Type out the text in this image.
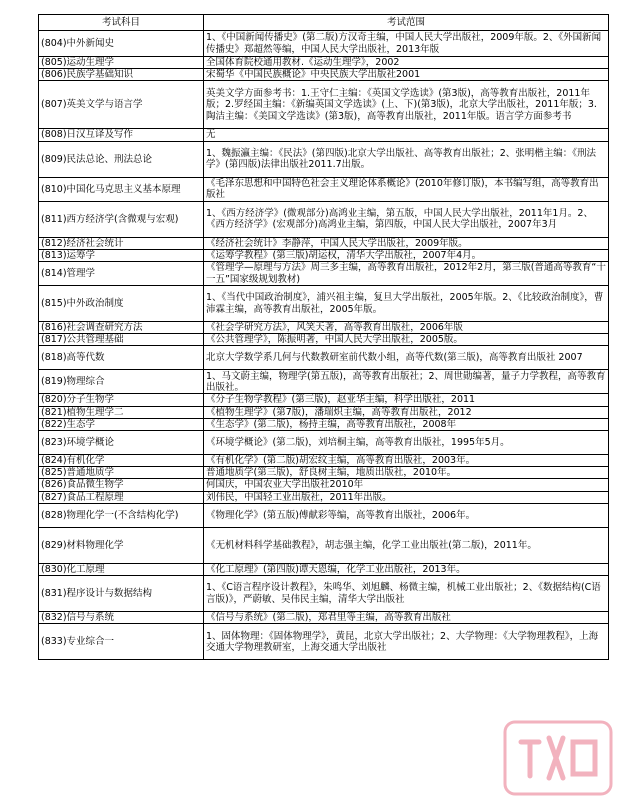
考试科目	考试范围
(804)中外新闻史	1、《中国新闻传播史》(第二版)方汉奇主编，中国人民大学出版社，2009年版。2、《外国新闻传播史》郑超然等编，中国人民大学出版社，2013年版
(805)运动生理学	全国体育院校通用教材.《运动生理学》，2002
(806)民族学基础知识	宋蜀华《中国民族概论》中央民族大学出版社2001
(807)英美文学与语言学	英美文学方面参考书：1.王守仁主编：《英国文学选读》(第3版)，高等教育出版社，2011年版；2.罗经国主编：《新编英国文学选读》(上、下)(第3版)，北京大学出版社，2011年版；3.陶洁主编：《美国文学选读》(第3版)，高等教育出版社，2011年版。语言学方面参考书
(808)日汉互译及写作	无
(809)民法总论、刑法总论	1、魏振瀛主编：《民法》(第四版)北京大学出版社、高等教育出版社；2、张明楷主编：《刑法学》(第四版)法律出版社2011.7出版。
(810)中国化马克思主义基本原理	《毛泽东思想和中国特色社会主义理论体系概论》(2010年修订版)，本书编写组，高等教育出版社
(811)西方经济学(含微观与宏观)	1、《西方经济学》(微观部分)高鸿业主编，第五版，中国人民大学出版社，2011年1月。2、《西方经济学》(宏观部分)高鸿业主编，第四版，中国人民大学出版社，2007年3月
(812)经济社会统计	《经济社会统计》李静萍，中国人民大学出版社，2009年版。
(813)运筹学	《运筹学教程》(第三版)胡运权，清华大学出版社，2007年4月。
(814)管理学	《管理学—原理与方法》周三多主编，高等教育出版社，2012年2月，第三版(普通高等教育“十一五”国家级规划教材)
(815)中外政治制度	1、《当代中国政治制度》，浦兴祖主编，复旦大学出版社，2005年版。2、《比较政治制度》，曹沛霖主编，高等教育出版社，2005年版。
(816)社会调查研究方法	《社会学研究方法》，风笑天著，高等教育出版社，2006年版
(817)公共管理基础	《公共管理学》，陈振明著，中国人民大学出版社，2005版。
(818)高等代数	北京大学数学系几何与代数教研室前代数小组，高等代数(第三版)，高等教育出版社 2007
(819)物理综合	1、马文蔚主编，物理学(第五版)，高等教育出版社；2、周世勋编著，量子力学教程，高等教育出版社。
(820)分子生物学	《分子生物学教程》(第三版)，赵亚华主编，科学出版社，2011
(821)植物生理学二	《植物生理学》(第7版)，潘瑞炽主编，高等教育出版社，2012
(822)生态学	《生态学》(第二版)，杨持主编，高等教育出版社，2008年
(823)环境学概论	《环境学概论》(第二版)，刘培桐主编，高等教育出版社，1995年5月。
(824)有机化学	《有机化学》(第二版)胡宏纹主编，高等教育出版社，2003年。
(825)普通地质学	普通地质学(第三版)，舒良树主编，地质出版社，2010年。
(826)食品微生物学	何国庆，中国农业大学出版社2010年
(827)食品工程原理	刘伟民，中国轻工业出版社，2011年出版。
(828)物理化学一(不含结构化学)	《物理化学》(第五版)傅献彩等编，高等教育出版社，2006年。
(829)材料物理化学	《无机材料科学基础教程》，胡志强主编，化学工业出版社(第二版)，2011年。
(830)化工原理	《化工原理》(第四版)谭天恩编，化学工业出版社，2013年。
(831)程序设计与数据结构	1、《C语言程序设计教程》，朱鸣华、刘旭麟、杨微主编，机械工业出版社；2、《数据结构(C语言版)》，严蔚敏、吴伟民主编，清华大学出版社
(832)信号与系统	《信号与系统》(第二版)，郑君里等主编，高等教育出版社
(833)专业综合一	1、固体物理：《固体物理学》，黄昆，北京大学出版社；2、大学物理：《大学物理教程》，上海交通大学物理教研室，上海交通大学出版社
